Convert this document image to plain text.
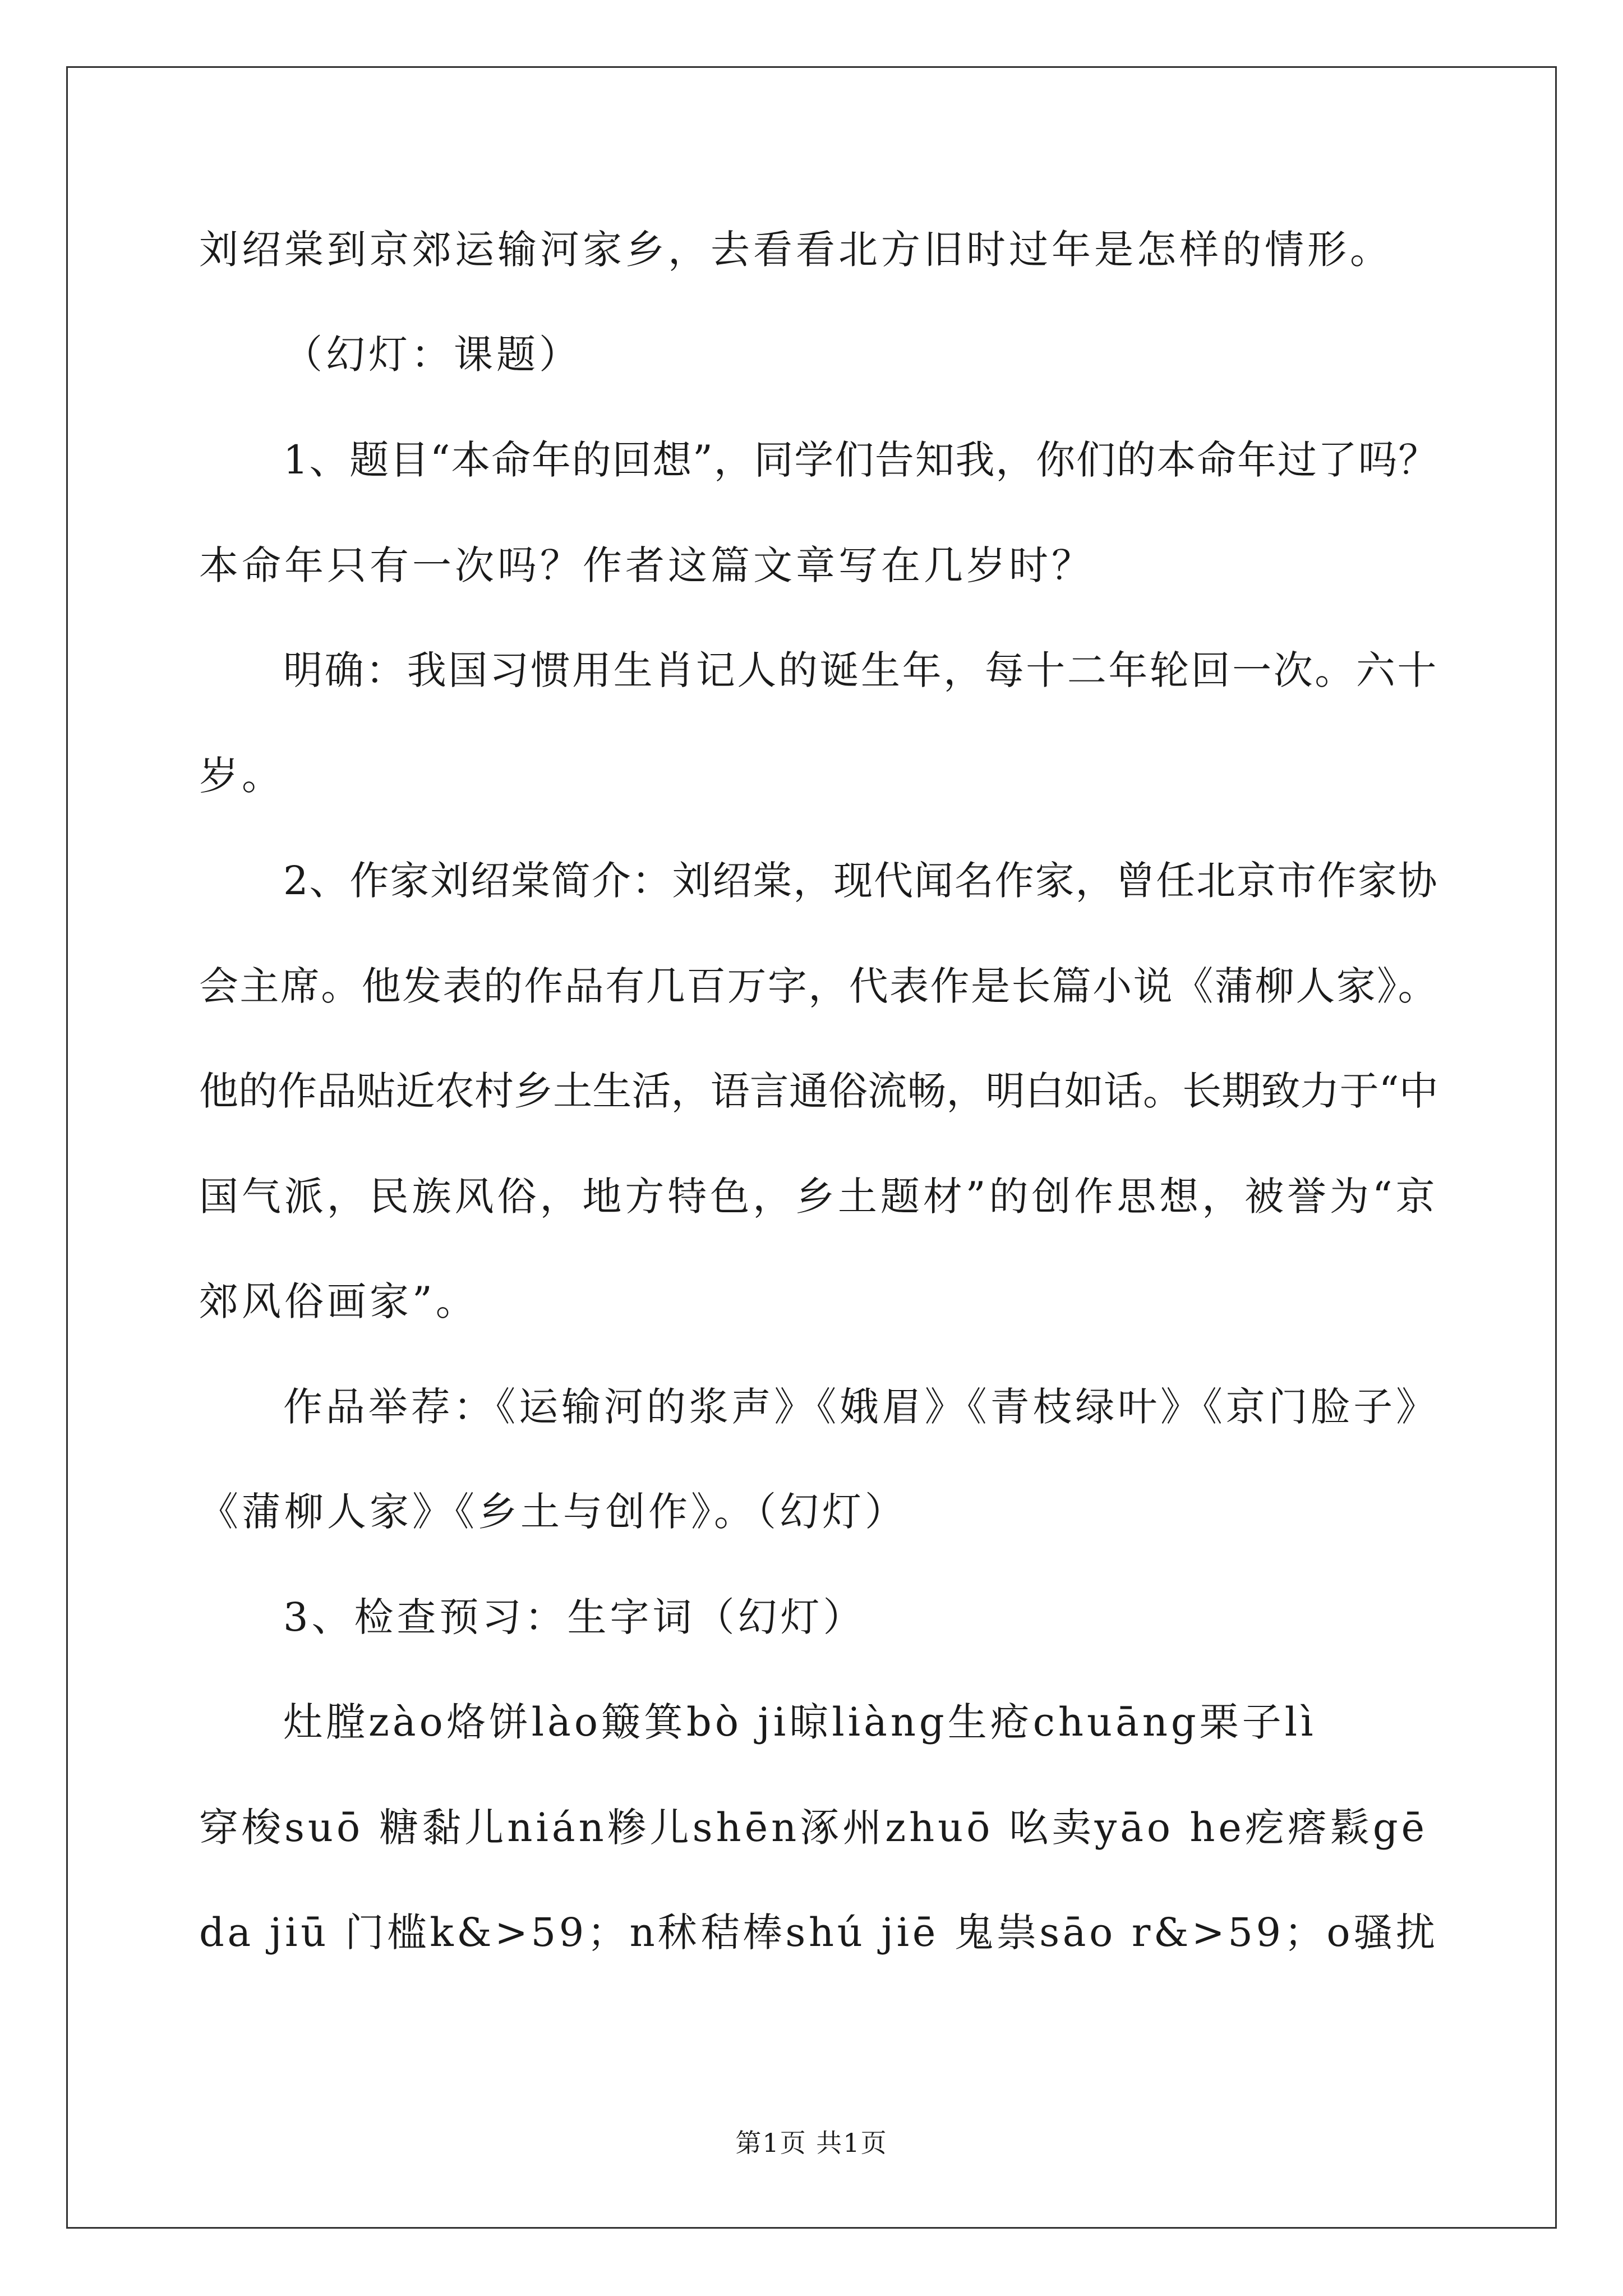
刘绍棠到京郊运输河家乡，去看看北方旧时过年是怎样的情形。
（幻灯：课题）
1、题目“本命年的回想”，同学们告知我，你们的本命年过了吗？
本命年只有一次吗？作者这篇文章写在几岁时？
明确：我国习惯用生肖记人的诞生年，每十二年轮回一次。六十
岁。
2、作家刘绍棠简介：刘绍棠，现代闻名作家，曾任北京市作家协
会主席。他发表的作品有几百万字，代表作是长篇小说《蒲柳人家》。
他的作品贴近农村乡土生活，语言通俗流畅，明白如话。长期致力于“中
国气派，民族风俗，地方特色，乡土题材”的创作思想，被誉为“京
郊风俗画家”。
作品举荐：《运输河的浆声》《娥眉》《青枝绿叶》《京门脸子》
《蒲柳人家》《乡土与创作》。（幻灯）
3、检查预习：生字词（幻灯）
灶膛zào烙饼lào簸箕bò ji晾liàng生疮chuāng栗子lì
穿梭suō 糖黏儿nián糁儿shēn涿州zhuō 吆卖yāo he疙瘩鬏gē
da jiū 门槛k&>59；n秫秸棒shú jiē 鬼祟sāo r&>59；o骚扰
第1页 共1页
